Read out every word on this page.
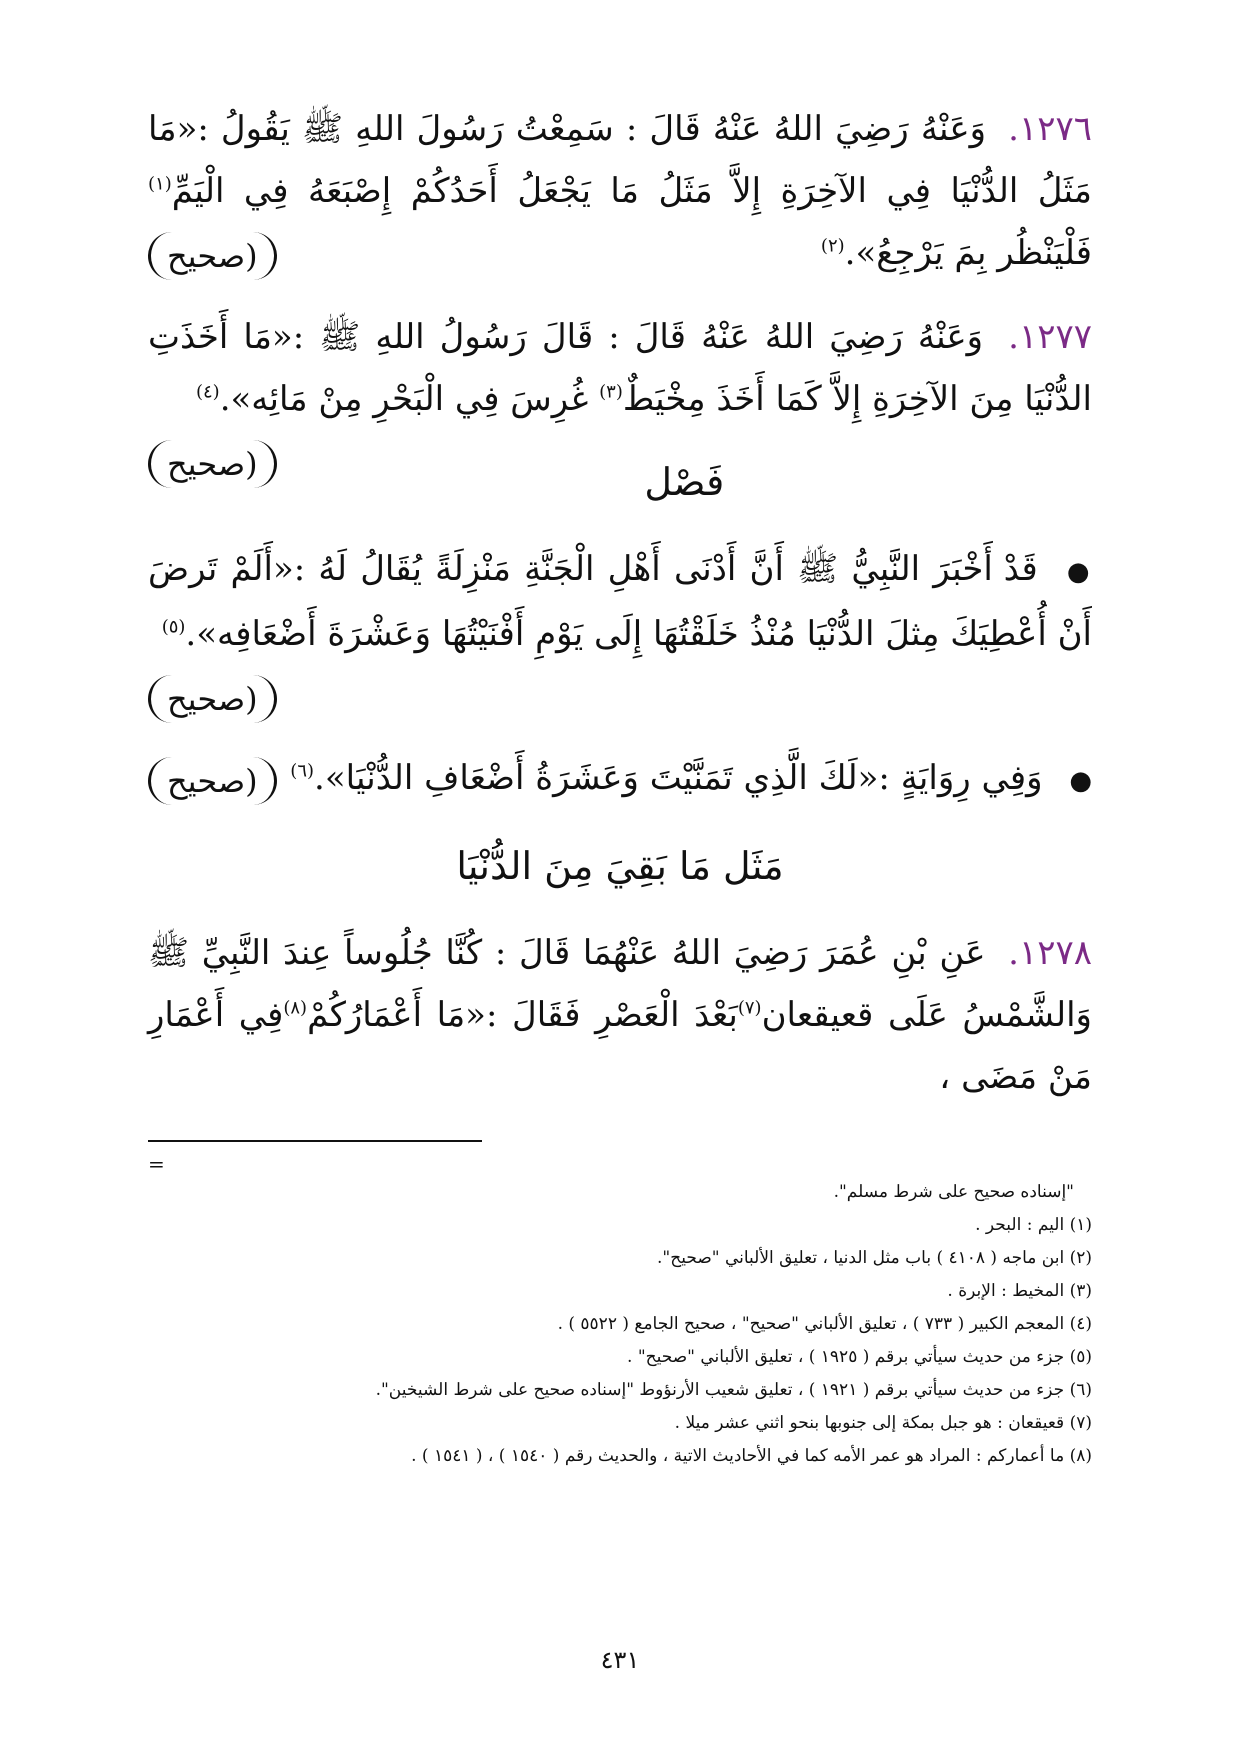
١٢٧٦. وَعَنْهُ رَضِيَ اللهُ عَنْهُ قَالَ : سَمِعْتُ رَسُولَ اللهِ ﷺ يَقُولُ :«مَا مَثَلُ الدُّنْيَا فِي الآخِرَةِ إِلاَّ مَثَلُ مَا يَجْعَلُ أَحَدُكُمْ إِصْبَعَهُ فِي الْيَمِّ$^{(١)}$ فَلْيَنْظُر بِمَ يَرْجِعُ».$^{(٢)}$
(صحيح

١٢٧٧. وَعَنْهُ رَضِيَ اللهُ عَنْهُ قَالَ : قَالَ رَسُولُ اللهِ ﷺ :«مَا أَخَذَتِ الدُّنْيَا مِنَ الآخِرَةِ إِلاَّ كَمَا أَخَذَ مِخْيَطٌ$^{(٣)}$ غُرِسَ فِي الْبَحْرِ مِنْ مَائِه».$^{(٤)}$
(صحيح	فَصْل

● قَدْ أَخْبَرَ النَّبِيُّ ﷺ أَنَّ أَدْنَى أَهْلِ الْجَنَّةِ مَنْزِلَةً يُقَالُ لَهُ :«أَلَمْ تَرضَ أَنْ أُعْطِيَكَ مِثلَ الدُّنْيَا مُنْذُ خَلَقْتُهَا إِلَى يَوْمِ أَفْنَيْتُهَا وَعَشْرَةَ أَضْعَافِه».$^{(٥)}$
(صحيح

● وَفِي رِوَايَةٍ :«لَكَ الَّذِي تَمَنَّيْتَ وَعَشَرَةُ أَضْعَافِ الدُّنْيَا».$^{(٦)}$
(صحيح

مَثَل مَا بَقِيَ مِنَ الدُّنْيَا

١٢٧٨. عَنِ بْنِ عُمَرَ رَضِيَ اللهُ عَنْهُمَا قَالَ : كُنَّا جُلُوساً عِندَ النَّبِيِّ ﷺ وَالشَّمْسُ عَلَى قعيقعان$^{(٧)}$بَعْدَ الْعَصْرِ فَقَالَ :«مَا أَعْمَارُكُمْ$^{(٨)}$فِي أَعْمَارِ مَنْ مَضَى ،

=

"إسناده صحيح على شرط مسلم".

(١) اليم : البحر .

(٢) ابن ماجه ( ٤١٠٨ ) باب مثل الدنيا ، تعليق الألباني "صحيح".

(٣) المخيط : الإبرة .

(٤) المعجم الكبير ( ٧٣٣ ) ، تعليق الألباني "صحيح" ، صحيح الجامع ( ٥٥٢٢ ) .

(٥) جزء من حديث سيأتي برقم ( ١٩٢٥ ) ، تعليق الألباني "صحيح" .

(٦) جزء من حديث سيأتي برقم ( ١٩٢١ ) ، تعليق شعيب الأرنؤوط "إسناده صحيح على شرط الشيخين".

(٧) قعيقعان : هو جبل بمكة إلى جنوبها بنحو اثني عشر ميلا .

(٨) ما أعماركم : المراد هو عمر الأمه كما في الأحاديث الاتية ، والحديث رقم ( ١٥٤٠ ) ، ( ١٥٤١ ) .

٤٣١
